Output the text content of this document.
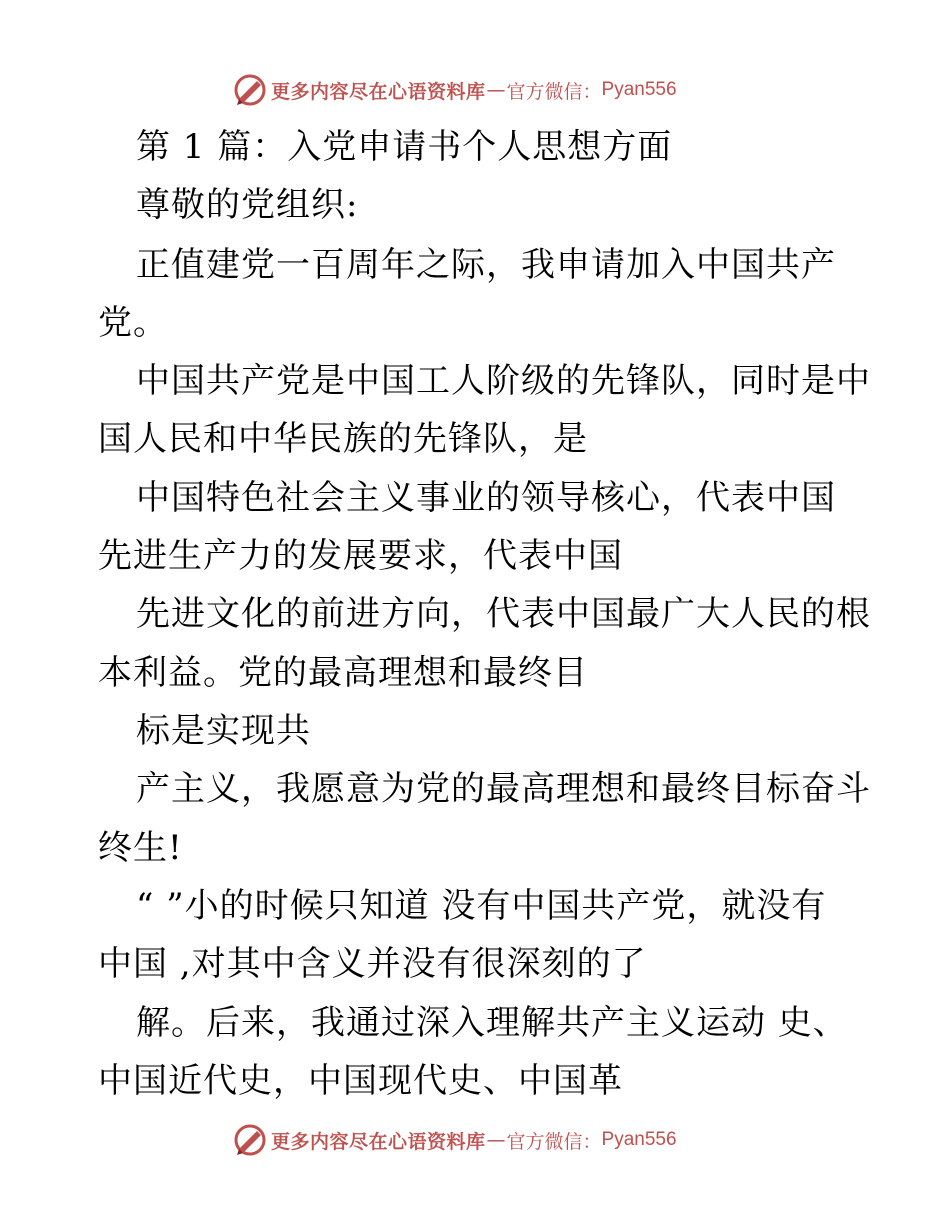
更多内容尽在心语资料库 — 官方微信： Pyan556
第 1 篇：入党申请书个人思想方面
尊敬的党组织:
正值建党一百周年之际，我申请加入中国共产
党。
中国共产党是中国工人阶级的先锋队，同时是中
国人民和中华民族的先锋队，是
中国特色社会主义事业的领导核心，代表中国
先进生产力的发展要求，代表中国
先进文化的前进方向，代表中国最广大人民的根
本利益。党的最高理想和最终目
标是实现共
产主义，我愿意为党的最高理想和最终目标奋斗
终生!
“ ”小的时候只知道 没有中国共产党，就没有
中国 ,对其中含义并没有很深刻的了
解。后来，我通过深入理解共产主义运动 史、
中国近代史，中国现代史、中国革
更多内容尽在心语资料库 — 官方微信： Pyan556
